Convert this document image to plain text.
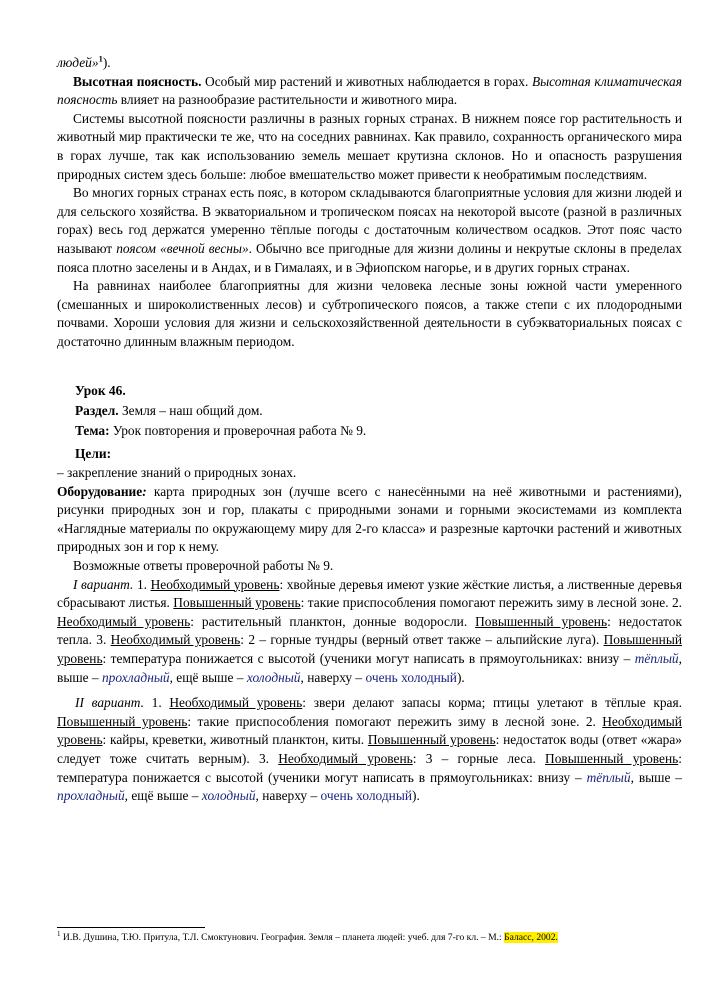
людей»$^1$).

Высотная поясность. Особый мир растений и животных наблюдается в горах. Высотная климатическая поясность влияет на разнообразие растительности и животного мира.

Системы высотной поясности различны в разных горных странах. В нижнем поясе гор растительность и животный мир практически те же, что на соседних равнинах. Как правило, сохранность органического мира в горах лучше, так как использованию земель мешает крутизна склонов. Но и опасность разрушения природных систем здесь больше: любое вмешательство может привести к необратимым последствиям.

Во многих горных странах есть пояс, в котором складываются благоприятные условия для жизни людей и для сельского хозяйства. В экваториальном и тропическом поясах на некоторой высоте (разной в различных горах) весь год держатся умеренно тёплые погоды с достаточным количеством осадков. Этот пояс часто называют поясом «вечной весны». Обычно все пригодные для жизни долины и некрутые склоны в пределах пояса плотно заселены и в Андах, и в Гималаях, и в Эфиопском нагорье, и в других горных странах.

На равнинах наиболее благоприятны для жизни человека лесные зоны южной части умеренного (смешанных и широколиственных лесов) и субтропического поясов, а также степи с их плодородными почвами. Хороши условия для жизни и сельскохозяйственной деятельности в субэкваториальных поясах с достаточно длинным влажным периодом.

Урок 46.

Раздел. Земля – наш общий дом.

Тема: Урок повторения и проверочная работа № 9.

Цели:

– закрепление знаний о природных зонах.

Оборудование: карта природных зон (лучше всего с нанесёнными на неё животными и растениями), рисунки природных зон и гор, плакаты с природными зонами и горными экосистемами из комплекта «Наглядные материалы по окружающему миру для 2-го класса» и разрезные карточки растений и животных природных зон и гор к нему.

Возможные ответы проверочной работы № 9.

I вариант. 1. Необходимый уровень: хвойные деревья имеют узкие жёсткие листья, а лиственные деревья сбрасывают листья. Повышенный уровень: такие приспособления помогают пережить зиму в лесной зоне. 2. Необходимый уровень: растительный планктон, донные водоросли. Повышенный уровень: недостаток тепла. 3. Необходимый уровень: 2 – горные тундры (верный ответ также – альпийские луга). Повышенный уровень: температура понижается с высотой (ученики могут написать в прямоугольниках: внизу – тёплый, выше – прохладный, ещё выше – холодный, наверху – очень холодный).

II вариант. 1. Необходимый уровень: звери делают запасы корма; птицы улетают в тёплые края. Повышенный уровень: такие приспособления помогают пережить зиму в лесной зоне. 2. Необходимый уровень: кайры, креветки, животный планктон, киты. Повышенный уровень: недостаток воды (ответ «жара» следует тоже считать верным). 3. Необходимый уровень: 3 – горные леса. Повышенный уровень: температура понижается с высотой (ученики могут написать в прямоугольниках: внизу – тёплый, выше – прохладный, ещё выше – холодный, наверху – очень холодный).

$^1$ И.В. Душина, Т.Ю. Притула, Т.Л. Смоктунович. География. Земля – планета людей: учеб. для 7-го кл. – М.: Баласс, 2002.
